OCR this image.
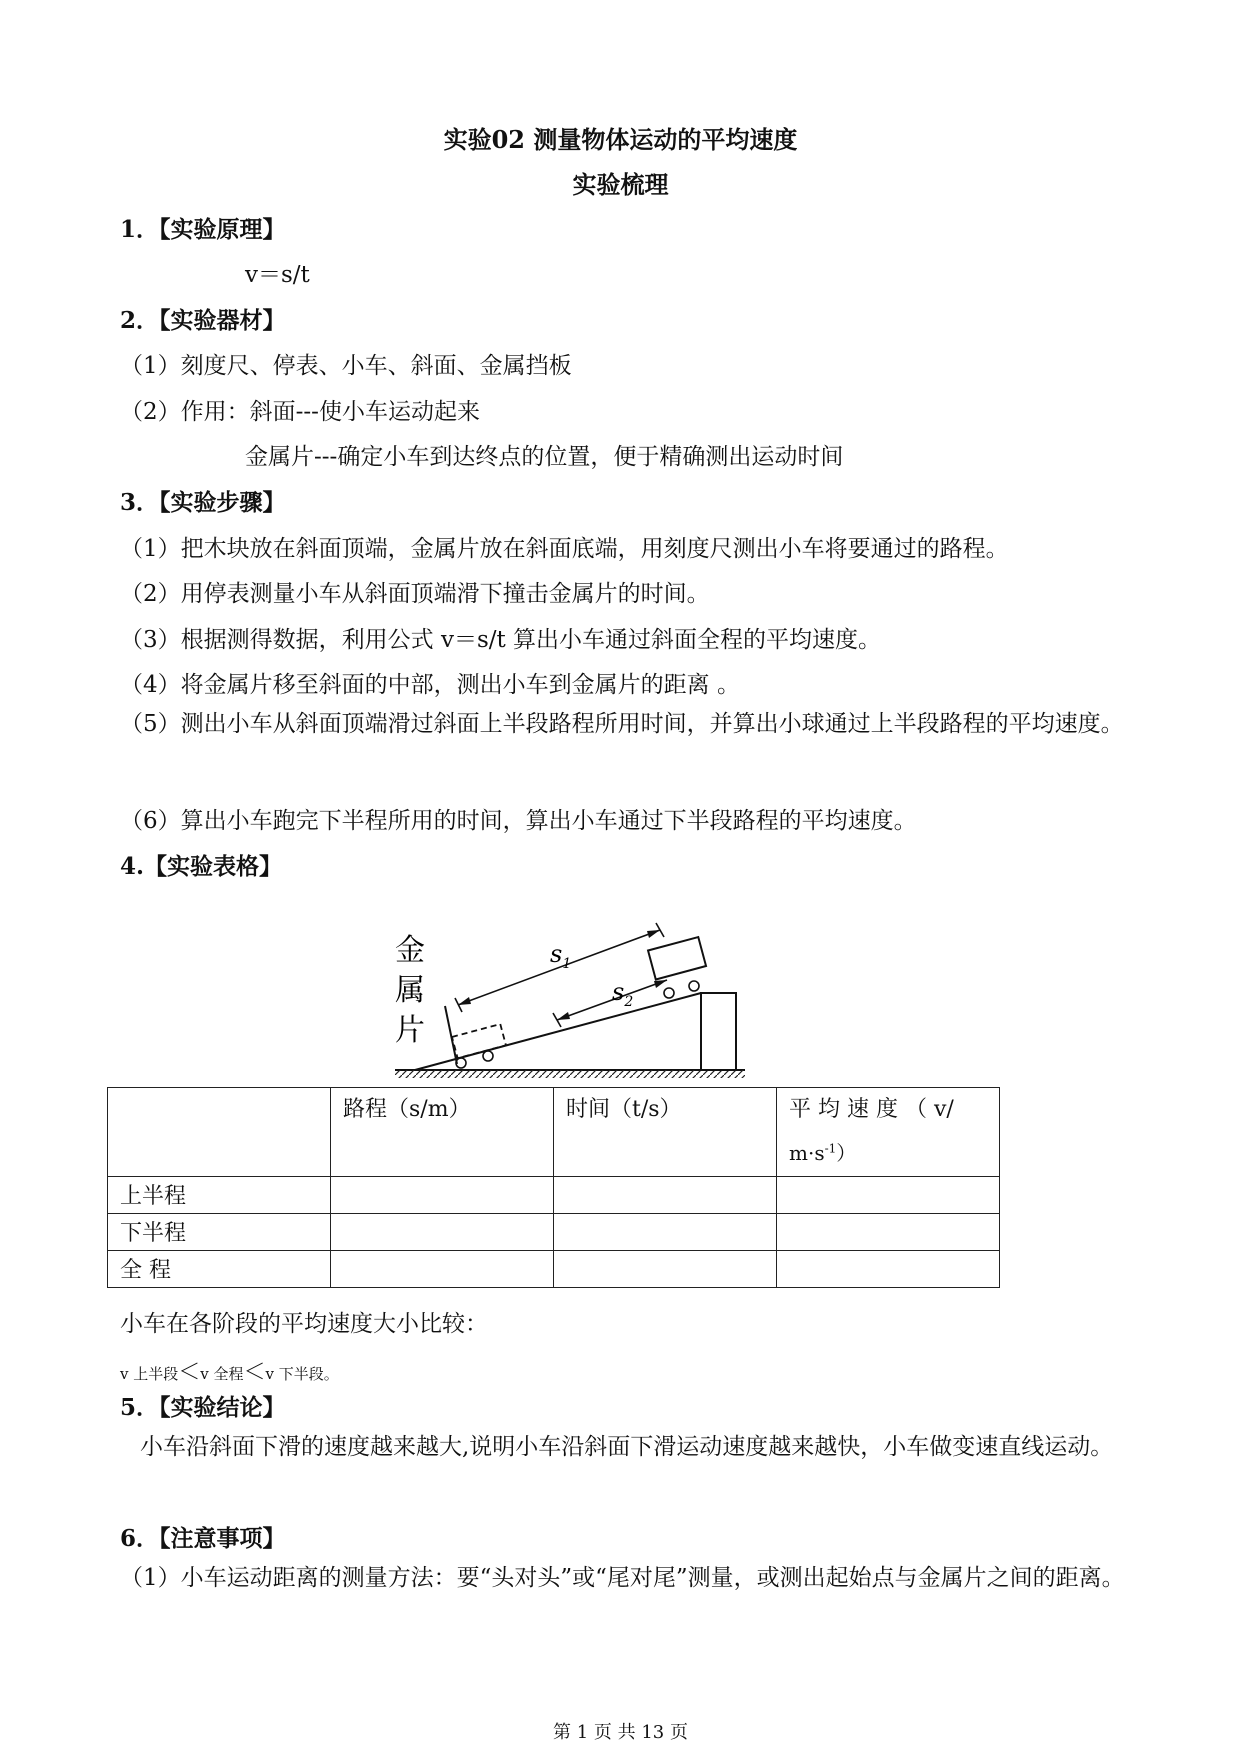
实验02 测量物体运动的平均速度
实验梳理
1．【实验原理】
v＝s/t
2．【实验器材】
（1）刻度尺、停表、小车、斜面、金属挡板
（2）作用：斜面---使小车运动起来
金属片---确定小车到达终点的位置，便于精确测出运动时间
3．【实验步骤】
（1）把木块放在斜面顶端，金属片放在斜面底端，用刻度尺测出小车将要通过的路程。
（2）用停表测量小车从斜面顶端滑下撞击金属片的时间。
（3）根据测得数据，利用公式 v＝s/t 算出小车通过斜面全程的平均速度。
（4）将金属片移至斜面的中部，测出小车到金属片的距离 。
（5）测出小车从斜面顶端滑过斜面上半段路程所用时间，并算出小球通过上半段路程的平均速度。
（6）算出小车跑完下半程所用的时间，算出小车通过下半段路程的平均速度。
4.【实验表格】
$s_1$
$s_2$
金
属
片
	路程（s/m）	时间（t/s）	平 均 速 度 （ v/
$m\cdot s^{-1}$）

上半程			
下半程			
全 程			
小车在各阶段的平均速度大小比较：
v 上半段＜v 全程＜v 下半段。
5．【实验结论】
小车沿斜面下滑的速度越来越大,说明小车沿斜面下滑运动速度越来越快，小车做变速直线运动。
6．【注意事项】
（1）小车运动距离的测量方法：要“头对头”或“尾对尾”测量，或测出起始点与金属片之间的距离。
第 1 页 共 13 页
